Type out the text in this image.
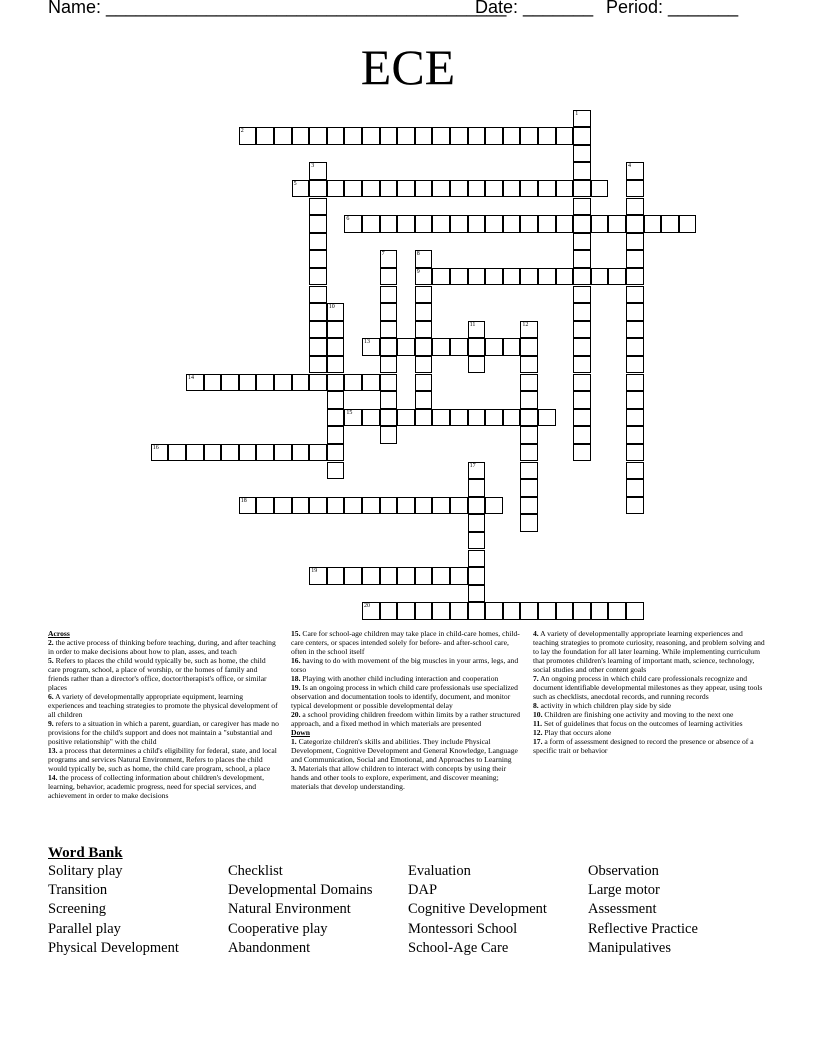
Name: ________________________________________
Date: _______ Period: _______
ECE
1
2
3	4
5
6
7	8
9
10
11	12
13
14
15
16
17
18
19
20
Across
2. the active process of thinking before teaching, during, and after teaching in order to make decisions about how to plan, asses, and teach
5. Refers to places the child would typically be, such as home, the child care program, school, a place of worship, or the homes of family and friends rather than a director's office, doctor/therapist's office, or similar places
6. A variety of developmentally appropriate equipment, learning experiences and teaching strategies to promote the physical development of all children
9. refers to a situation in which a parent, guardian, or caregiver has made no provisions for the child's support and does not maintain a "substantial and positive relationship" with the child
13. a process that determines a child's eligibility for federal, state, and local programs and services Natural Environment, Refers to places the child would typically be, such as home, the child care program, school, a place
14. the process of collecting information about children's development, learning, behavior, academic progress, need for special services, and achievement in order to make decisions
15. Care for school-age children may take place in child-care homes, child-care centers, or spaces intended solely for before- and after-school care, often in the school itself
16. having to do with movement of the big muscles in your arms, legs, and torso
18. Playing with another child including interaction and cooperation
19. Is an ongoing process in which child care professionals use specialized observation and documentation tools to identify, document, and monitor typical development or possible developmental delay
20. a school providing children freedom within limits by a rather structured approach, and a fixed method in which materials are presented
Down
1. Categorize children's skills and abilities. They include Physical Development, Cognitive Development and General Knowledge, Language and Communication, Social and Emotional, and Approaches to Learning
3. Materials that allow children to interact with concepts by using their hands and other tools to explore, experiment, and discover meaning; materials that develop understanding.
4. A variety of developmentally appropriate learning experiences and teaching strategies to promote curiosity, reasoning, and problem solving and to lay the foundation for all later learning. While implementing curriculum that promotes children's learning of important math, science, technology, social studies and other content goals
7. An ongoing process in which child care professionals recognize and document identifiable developmental milestones as they appear, using tools such as checklists, anecdotal records, and running records
8. activity in which children play side by side
10. Children are finishing one activity and moving to the next one
11. Set of guidelines that focus on the outcomes of learning activities
12. Play that occurs alone
17. a form of assessment designed to record the presence or absence of a specific trait or behavior
Word Bank
Solitary play
Transition
Screening
Parallel play
Physical Development
Checklist
Developmental Domains
Natural Environment
Cooperative play
Abandonment
Evaluation
DAP
Cognitive Development
Montessori School
School-Age Care
Observation
Large motor
Assessment
Reflective Practice
Manipulatives
